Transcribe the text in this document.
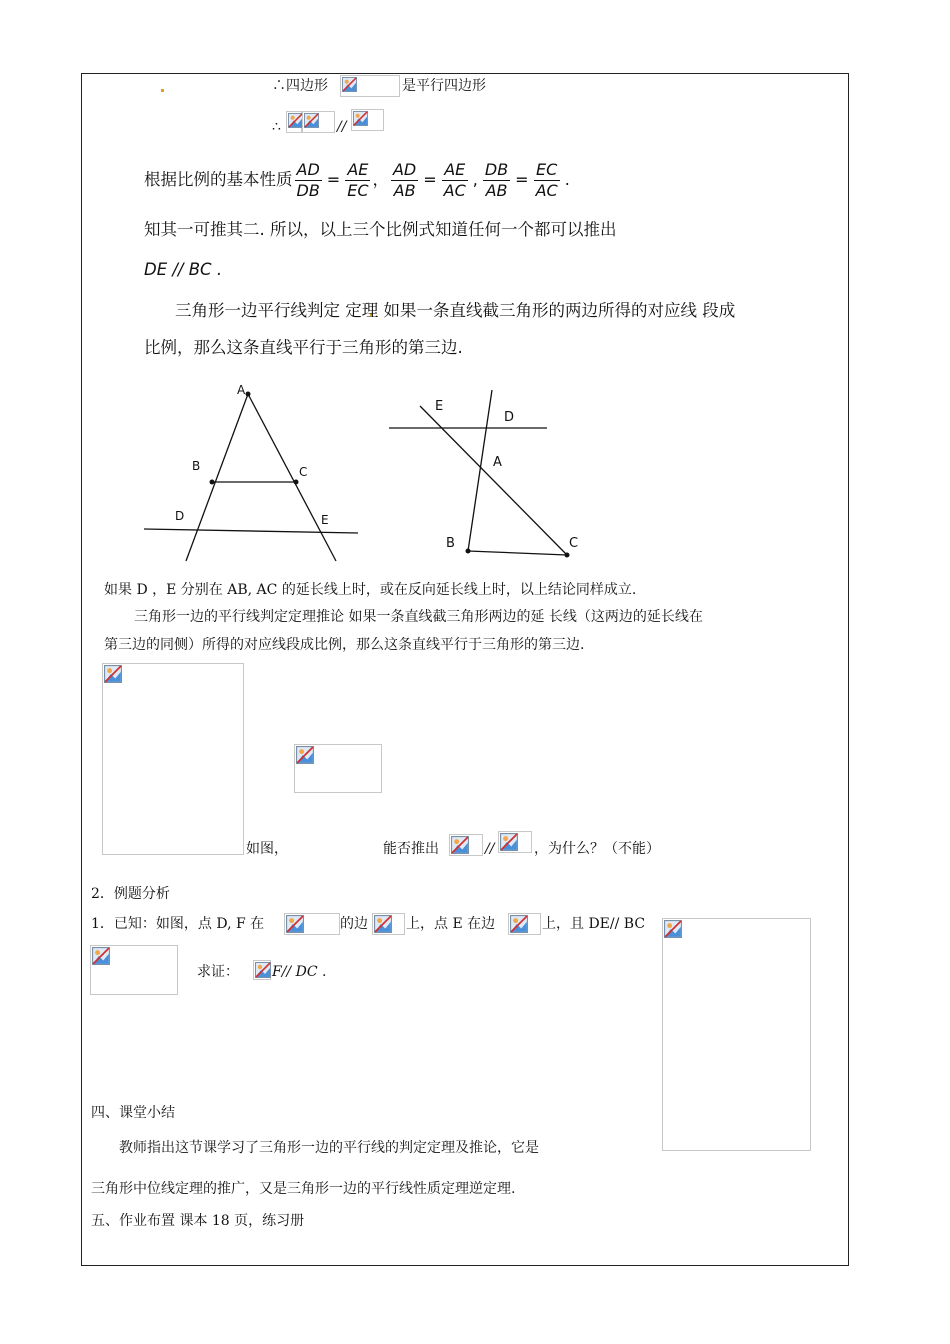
∴四边形	是平行四边形
∴	//
根据比例的基本性质 $\frac{AD}{DB} = \frac{AE}{EC}$ ， $\frac{AD}{AB} = \frac{AE}{AC}$ , $\frac{DB}{AB} = \frac{EC}{AC}$ .
知其一可推其二. 所以，以上三个比例式知道任何一个都可以推出
DE // BC .
三角形一边平行线判定 定理 如果一条直线截三角形的两边所得的对应线 段成
比例，那么这条直线平行于三角形的第三边.
A
B	C
D	E
E
D
A
B	C
如果 D ，E 分别在 AB, AC 的延长线上时，或在反向延长线上时，以上结论同样成立.
三角形一边的平行线判定定理推论 如果一条直线截三角形两边的延 长线（这两边的延长线在
第三边的同侧）所得的对应线段成比例，那么这条直线平行于三角形的第三边.
如图，	能否推出	//	，为什么？（不能）
2．例题分析
1．已知：如图，点 D, F 在	的边	上，点 E 在边	上，且 DE// BC
求证： F// DC .
四、课堂小结
教师指出这节课学习了三角形一边的平行线的判定定理及推论，它是
三角形中位线定理的推广，又是三角形一边的平行线性质定理逆定理.
五、作业布置 课本 18 页，练习册
